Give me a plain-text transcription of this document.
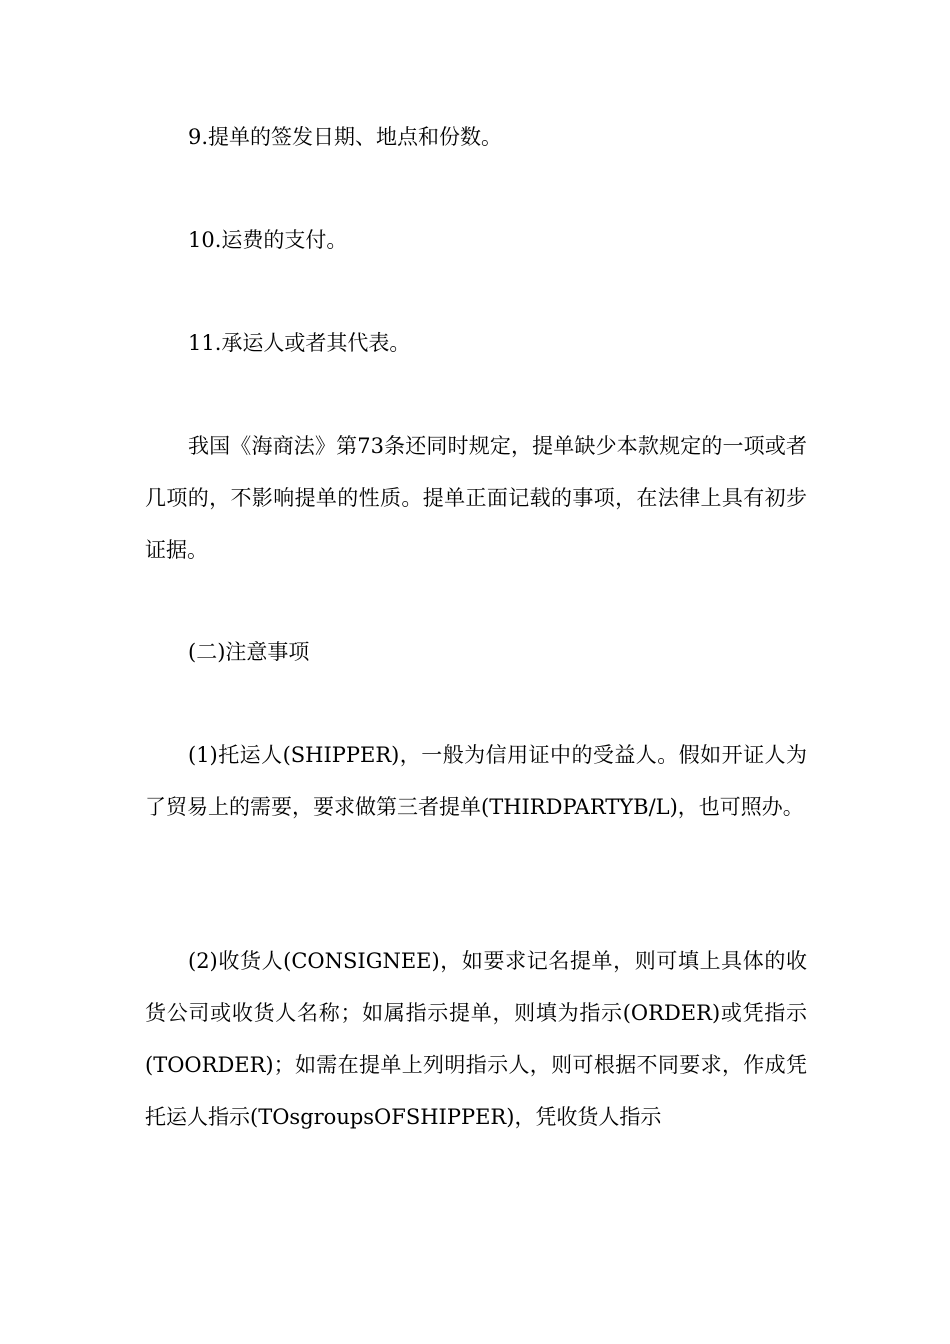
9.提单的签发日期、地点和份数。

10.运费的支付。

11.承运人或者其代表。

我国《海商法》第73条还同时规定，提单缺少本款规定的一项或者几项的，不影响提单的性质。提单正面记载的事项，在法律上具有初步证据。

(二)注意事项

(1)托运人(SHIPPER)，一般为信用证中的受益人。假如开证人为了贸易上的需要，要求做第三者提单(THIRDPARTYB/L)，也可照办。

(2)收货人(CONSIGNEE)，如要求记名提单，则可填上具体的收货公司或收货人名称；如属指示提单，则填为指示(ORDER)或凭指示(TOORDER)；如需在提单上列明指示人，则可根据不同要求，作成凭托运人指示(TOsgroupsOFSHIPPER)，凭收货人指示
